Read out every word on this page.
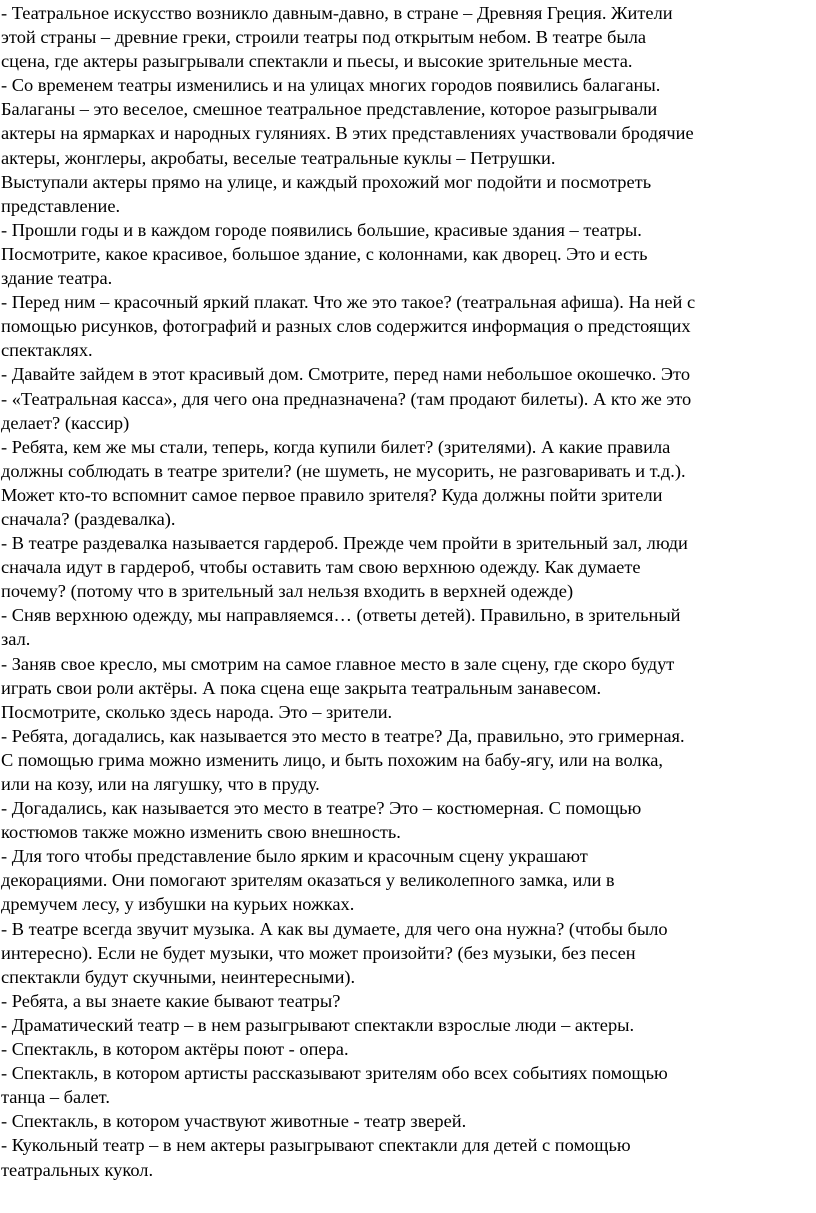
- Театральное искусство возникло давным-давно, в стране – Древняя Греция. Жители
этой страны – древние греки, строили театры под открытым небом. В театре была
сцена, где актеры разыгрывали спектакли и пьесы, и высокие зрительные места.
- Со временем театры изменились и на улицах многих городов появились балаганы.
Балаганы – это веселое, смешное театральное представление, которое разыгрывали
актеры на ярмарках и народных гуляниях. В этих представлениях участвовали бродячие
актеры, жонглеры, акробаты, веселые театральные куклы – Петрушки.
Выступали актеры прямо на улице, и каждый прохожий мог подойти и посмотреть
представление.
- Прошли годы и в каждом городе появились большие, красивые здания – театры.
Посмотрите, какое красивое, большое здание, с колоннами, как дворец. Это и есть
здание театра.
- Перед ним – красочный яркий плакат. Что же это такое? (театральная афиша). На ней с
помощью рисунков, фотографий и разных слов содержится информация о предстоящих
спектаклях.
- Давайте зайдем в этот красивый дом. Смотрите, перед нами небольшое окошечко. Это
- «Театральная касса», для чего она предназначена? (там продают билеты). А кто же это
делает? (кассир)
- Ребята, кем же мы стали, теперь, когда купили билет? (зрителями). А какие правила
должны соблюдать в театре зрители? (не шуметь, не мусорить, не разговаривать и т.д.).
Может кто-то вспомнит самое первое правило зрителя? Куда должны пойти зрители
сначала? (раздевалка).
- В театре раздевалка называется гардероб. Прежде чем пройти в зрительный зал, люди
сначала идут в гардероб, чтобы оставить там свою верхнюю одежду. Как думаете
почему? (потому что в зрительный зал нельзя входить в верхней одежде)
- Сняв верхнюю одежду, мы направляемся… (ответы детей). Правильно, в зрительный
зал.
- Заняв свое кресло, мы смотрим на самое главное место в зале сцену, где скоро будут
играть свои роли актёры. А пока сцена еще закрыта театральным занавесом.
Посмотрите, сколько здесь народа. Это – зрители.
- Ребята, догадались, как называется это место в театре? Да, правильно, это гримерная.
С помощью грима можно изменить лицо, и быть похожим на бабу-ягу, или на волка,
или на козу, или на лягушку, что в пруду.
- Догадались, как называется это место в театре? Это – костюмерная. С помощью
костюмов также можно изменить свою внешность.
- Для того чтобы представление было ярким и красочным сцену украшают
декорациями. Они помогают зрителям оказаться у великолепного замка, или в
дремучем лесу, у избушки на курьих ножках.
- В театре всегда звучит музыка. А как вы думаете, для чего она нужна? (чтобы было
интересно). Если не будет музыки, что может произойти? (без музыки, без песен
спектакли будут скучными, неинтересными).
- Ребята, а вы знаете какие бывают театры?
- Драматический театр – в нем разыгрывают спектакли взрослые люди – актеры.
- Спектакль, в котором актёры поют - опера.
- Спектакль, в котором артисты рассказывают зрителям обо всех событиях помощью
танца – балет.
- Спектакль, в котором участвуют животные - театр зверей.
- Кукольный театр – в нем актеры разыгрывают спектакли для детей с помощью
театральных кукол.
